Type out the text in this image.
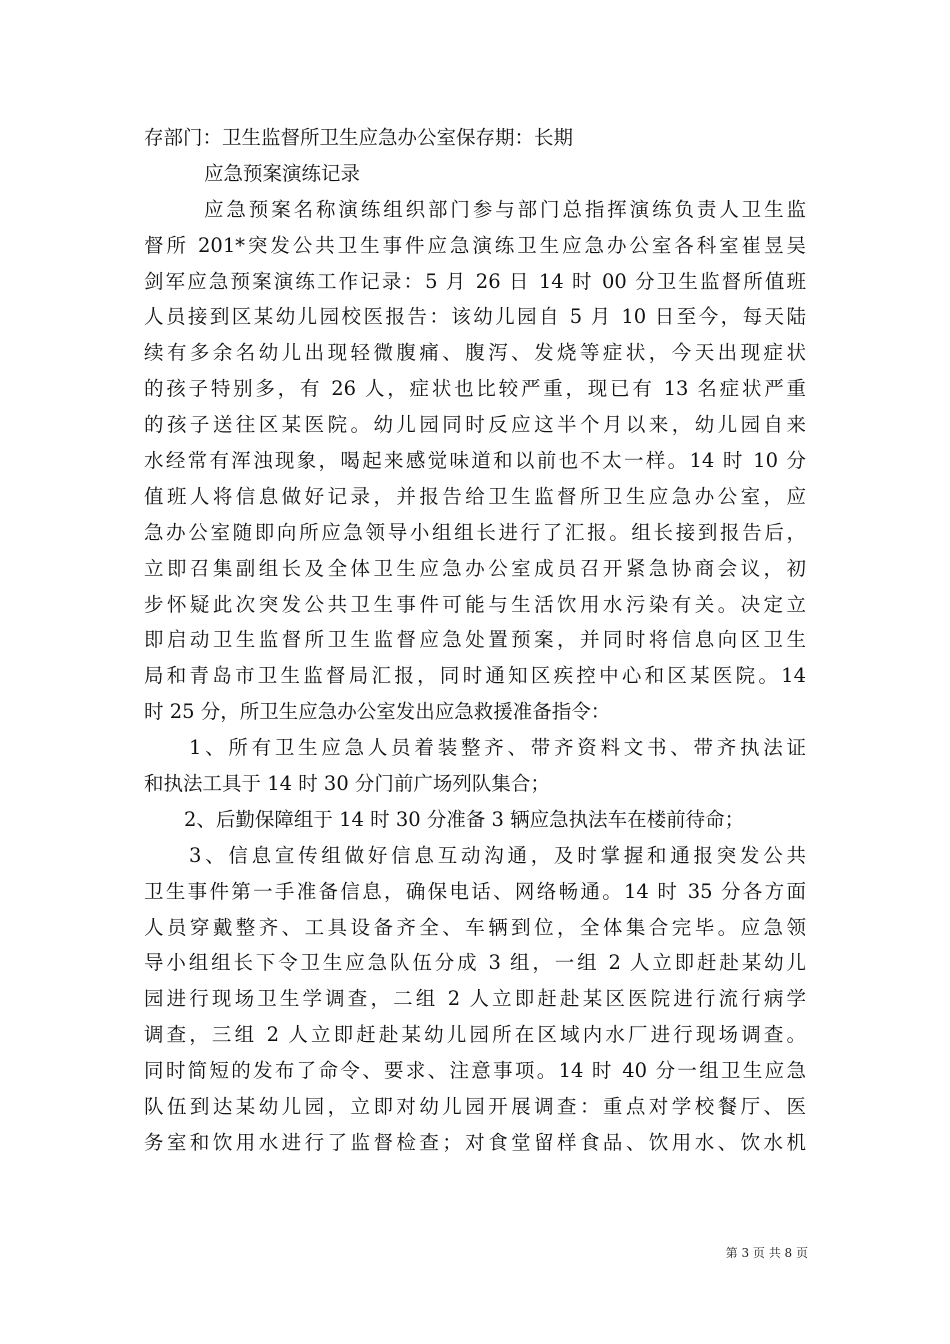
存部门：卫生监督所卫生应急办公室保存期：长期
应急预案演练记录
应急预案名称演练组织部门参与部门总指挥演练负责人卫生监
督所 201*突发公共卫生事件应急演练卫生应急办公室各科室崔昱吴
剑军应急预案演练工作记录：5 月 26 日 14 时 00 分卫生监督所值班
人员接到区某幼儿园校医报告：该幼儿园自 5 月 10 日至今，每天陆
续有多余名幼儿出现轻微腹痛、腹泻、发烧等症状，今天出现症状
的孩子特别多，有 26 人，症状也比较严重，现已有 13 名症状严重
的孩子送往区某医院。幼儿园同时反应这半个月以来，幼儿园自来
水经常有浑浊现象，喝起来感觉味道和以前也不太一样。14 时 10 分
值班人将信息做好记录，并报告给卫生监督所卫生应急办公室，应
急办公室随即向所应急领导小组组长进行了汇报。组长接到报告后，
立即召集副组长及全体卫生应急办公室成员召开紧急协商会议，初
步怀疑此次突发公共卫生事件可能与生活饮用水污染有关。决定立
即启动卫生监督所卫生监督应急处置预案，并同时将信息向区卫生
局和青岛市卫生监督局汇报，同时通知区疾控中心和区某医院。14
时 25 分，所卫生应急办公室发出应急救援准备指令：
1、所有卫生应急人员着装整齐、带齐资料文书、带齐执法证
和执法工具于 14 时 30 分门前广场列队集合；
2、后勤保障组于 14 时 30 分准备 3 辆应急执法车在楼前待命；
3、信息宣传组做好信息互动沟通，及时掌握和通报突发公共
卫生事件第一手准备信息，确保电话、网络畅通。14 时 35 分各方面
人员穿戴整齐、工具设备齐全、车辆到位，全体集合完毕。应急领
导小组组长下令卫生应急队伍分成 3 组，一组 2 人立即赶赴某幼儿
园进行现场卫生学调查，二组 2 人立即赶赴某区医院进行流行病学
调查，三组 2 人立即赶赴某幼儿园所在区域内水厂进行现场调查。
同时简短的发布了命令、要求、注意事项。14 时 40 分一组卫生应急
队伍到达某幼儿园，立即对幼儿园开展调查：重点对学校餐厅、医
务室和饮用水进行了监督检查；对食堂留样食品、饮用水、饮水机
第 3 页 共 8 页
